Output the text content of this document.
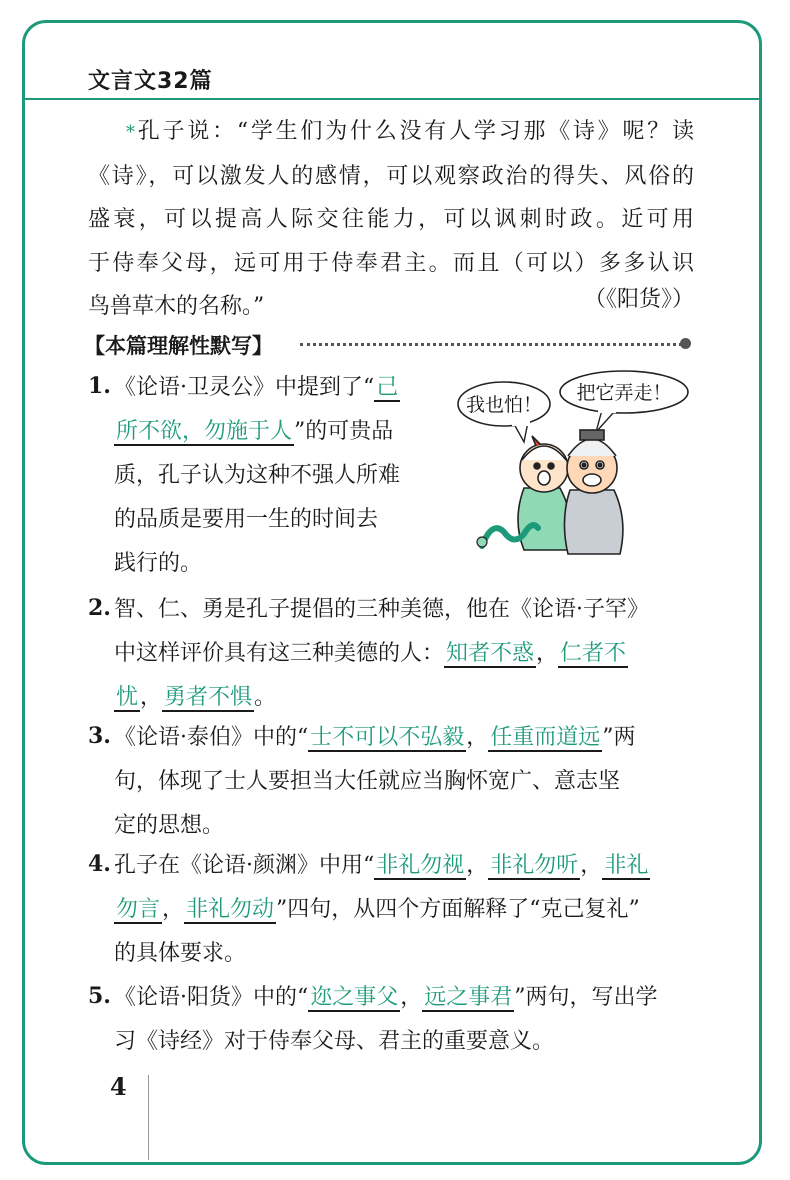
文言文32篇
*孔子说：“学生们为什么没有人学习那《诗》呢？读
《诗》，可以激发人的感情，可以观察政治的得失、风俗的
盛衰，可以提高人际交往能力，可以讽刺时政。近可用
于侍奉父母，远可用于侍奉君主。而且（可以）多多认识
鸟兽草木的名称。”	（《阳货》）
【本篇理解性默写】
1. 《论语·卫灵公》中提到了“己
所不欲，勿施于人”的可贵品
质，孔子认为这种不强人所难
的品质是要用一生的时间去
践行的。
我也怕！
把它弄走！
2. 智、仁、勇是孔子提倡的三种美德，他在《论语·子罕》
中这样评价具有这三种美德的人：知者不惑，仁者不
忧，勇者不惧。
3. 《论语·泰伯》中的“士不可以不弘毅，任重而道远”两
句，体现了士人要担当大任就应当胸怀宽广、意志坚
定的思想。
4. 孔子在《论语·颜渊》中用“非礼勿视，非礼勿听，非礼
勿言，非礼勿动”四句，从四个方面解释了“克己复礼”
的具体要求。
5. 《论语·阳货》中的“迩之事父，远之事君”两句，写出学
习《诗经》对于侍奉父母、君主的重要意义。
4
